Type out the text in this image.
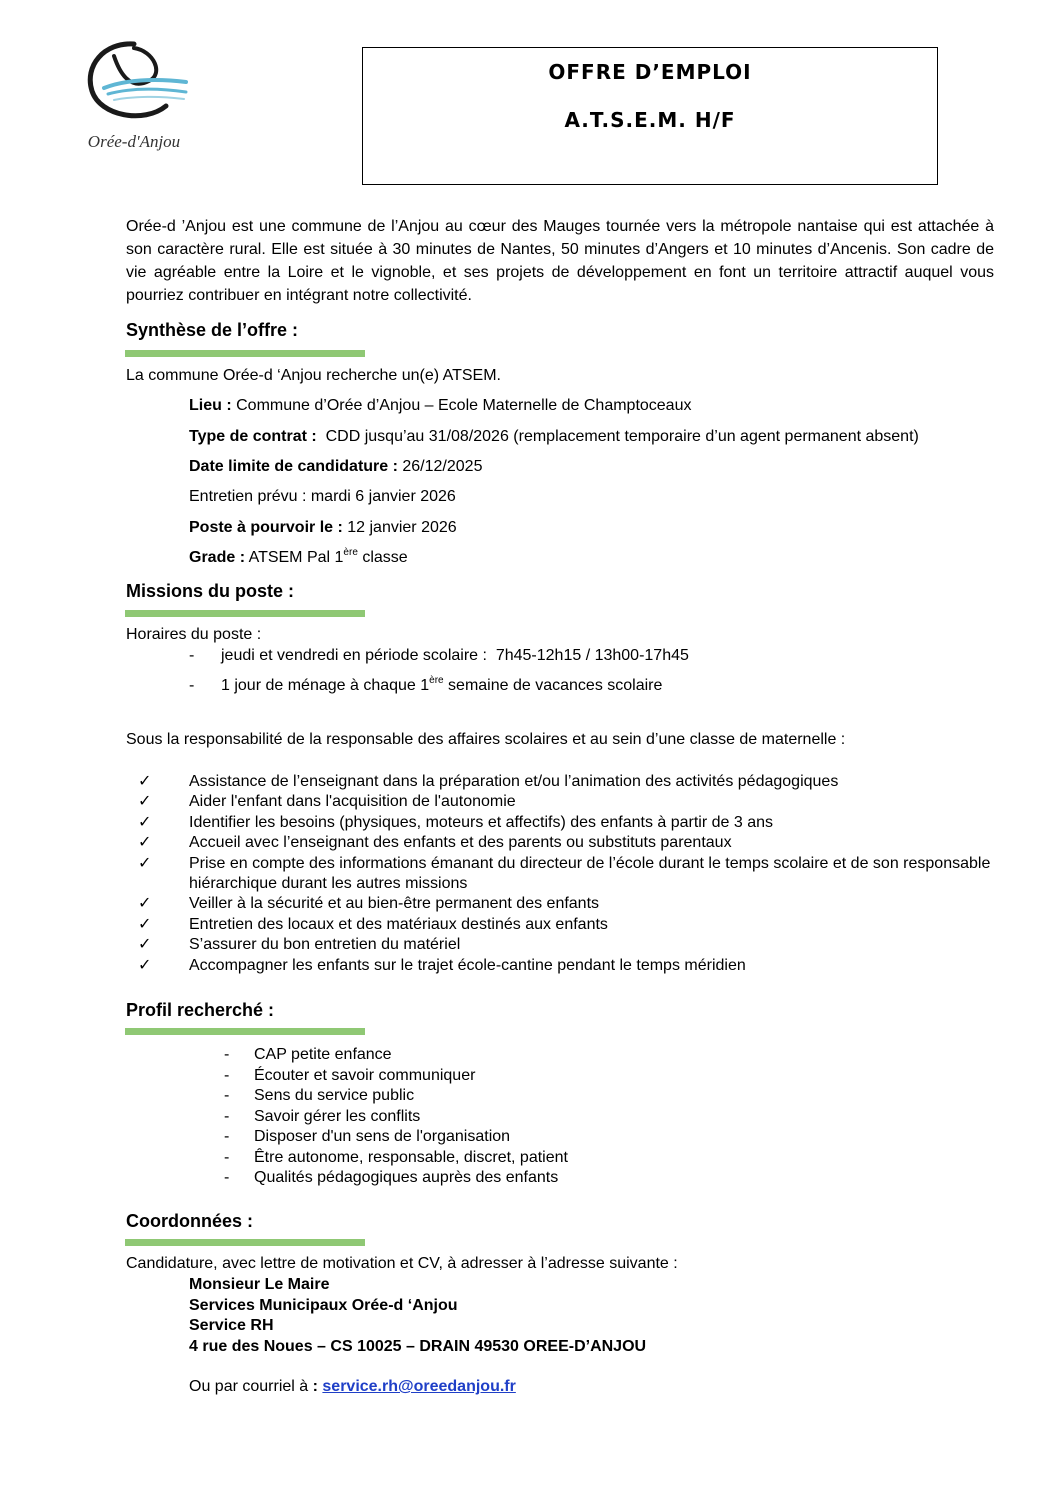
Orée-d'Anjou
OFFRE D’EMPLOI
A.T.S.E.M. H/F

Orée-d ’Anjou est une commune de l’Anjou au cœur des Mauges tournée vers la métropole nantaise qui est attachée à son caractère rural. Elle est située à 30 minutes de Nantes, 50 minutes d’Angers et 10 minutes d’Ancenis. Son cadre de vie agréable entre la Loire et le vignoble, et ses projets de développement en font un territoire attractif auquel vous pourriez contribuer en intégrant notre collectivité.

Synthèse de l’offre :
La commune Orée-d ‘Anjou recherche un(e) ATSEM.
Lieu : Commune d’Orée d’Anjou – Ecole Maternelle de Champtoceaux
Type de contrat :  CDD jusqu’au 31/08/2026 (remplacement temporaire d’un agent permanent absent)
Date limite de candidature : 26/12/2025
Entretien prévu : mardi 6 janvier 2026
Poste à pourvoir le : 12 janvier 2026
Grade : ATSEM Pal 1ère classe
Missions du poste :
Horaires du poste :
- jeudi et vendredi en période scolaire :  7h45-12h15 / 13h00-17h45
- 1 jour de ménage à chaque 1ère semaine de vacances scolaire
Sous la responsabilité de la responsable des affaires scolaires et au sein d’une classe de maternelle :
✓ Assistance de l’enseignant dans la préparation et/ou l’animation des activités pédagogiques
✓ Aider l'enfant dans l'acquisition de l'autonomie
✓ Identifier les besoins (physiques, moteurs et affectifs) des enfants à partir de 3 ans
✓ Accueil avec l’enseignant des enfants et des parents ou substituts parentaux
✓ Prise en compte des informations émanant du directeur de l’école durant le temps scolaire et de son responsable hiérarchique durant les autres missions
✓ Veiller à la sécurité et au bien-être permanent des enfants
✓ Entretien des locaux et des matériaux destinés aux enfants
✓ S’assurer du bon entretien du matériel
✓ Accompagner les enfants sur le trajet école-cantine pendant le temps méridien
Profil recherché :
- CAP petite enfance
- Écouter et savoir communiquer
- Sens du service public
- Savoir gérer les conflits
- Disposer d'un sens de l'organisation
- Être autonome, responsable, discret, patient
- Qualités pédagogiques auprès des enfants
Coordonnées :
Candidature, avec lettre de motivation et CV, à adresser à l’adresse suivante :
Monsieur Le Maire
Services Municipaux Orée-d ‘Anjou
Service RH
4 rue des Noues – CS 10025 – DRAIN 49530 OREE-D’ANJOU
Ou par courriel à : service.rh@oreedanjou.fr
